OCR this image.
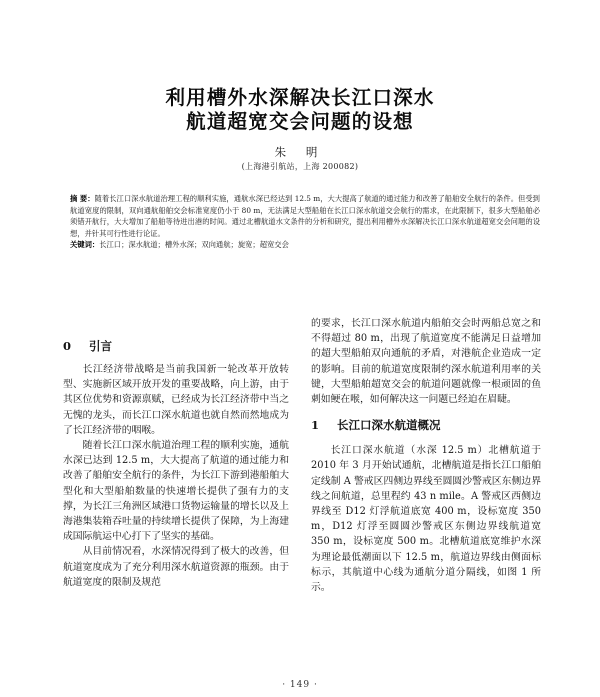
利用槽外水深解决长江口深水
航道超宽交会问题的设想
朱 明
(上海港引航站，上海 200082)
摘 要：随着长江口深水航道治理工程的顺利实施，通航水深已经达到 12.5 m，大大提高了航道的通过能力和改善了船舶安全航行的条件。但受到航道宽度的限制，双向通航船舶交会标准宽度仍小于 80 m，无法满足大型船舶在长江口深水航道交会航行的需求，在此限制下，很多大型船舶必须错开航行，大大增加了船舶等待进出港的时间。通过北槽航道水文条件的分析和研究，提出利用槽外水深解决长江口深水航道超宽交会问题的设想，并针其可行性进行论证。
关键词：长江口；深水航道；槽外水深；双向通航；旋宽；超宽交会
0 引言

长江经济带战略是当前我国新一轮改革开放转型、实施新区域开放开发的重要战略，向上游，由于其区位优势和资源禀赋，已经成为长江经济带中当之无愧的龙头，而长江口深水航道也就自然而然地成为了长江经济带的咽喉。

随着长江口深水航道治理工程的顺利实施，通航水深已达到 12.5 m，大大提高了航道的通过能力和改善了船舶安全航行的条件，为长江下游到港船舶大型化和大型船舶数量的快速增长提供了强有力的支撑，为长江三角洲区域港口货物运输量的增长以及上海港集装箱吞吐量的持续增长提供了保障，为上海建成国际航运中心打下了坚实的基础。

从目前情况看，水深情况得到了极大的改善，但航道宽度成为了充分利用深水航道资源的瓶颈。由于航道宽度的限制及规范

的要求，长江口深水航道内船舶交会时两船总宽之和不得超过 80 m，出现了航道宽度不能满足日益增加的超大型船舶双向通航的矛盾，对港航企业造成一定的影响。目前的航道宽度限制约深水航道利用率的关键，大型船舶超宽交会的航道问题就像一根顽固的鱼刺如鲠在喉，如何解决这一问题已经迫在眉睫。

1 长江口深水航道概况

长江口深水航道（水深 12.5 m）北槽航道于 2010 年 3 月开始试通航，北槽航道是指长江口船舶定线制 A 警戒区四侧边界线至圆圆沙警戒区东侧边界线之间航道，总里程约 43 n mile。A 警戒区西侧边界线至 D12 灯浮航道底宽 400 m，设标宽度 350 m，D12 灯浮至圆圆沙警戒区东侧边界线航道宽 350 m，设标宽度 500 m。北槽航道底宽维护水深为理论最低潮面以下 12.5 m，航道边界线由侧面标标示，其航道中心线为通航分道分隔线，如图 1 所示。

· 149 ·
